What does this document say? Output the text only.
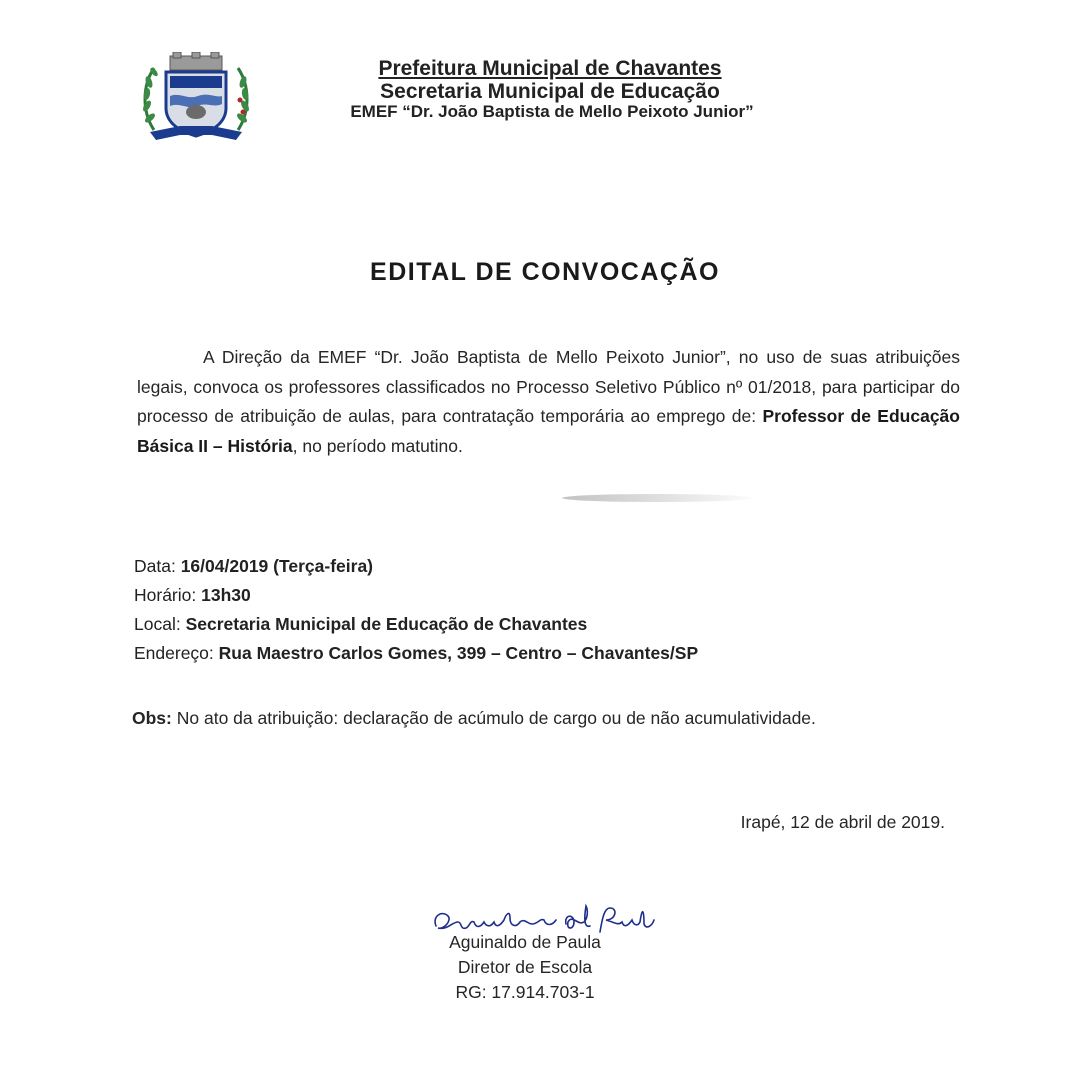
Prefeitura Municipal de Chavantes
Secretaria Municipal de Educação
EMEF “Dr. João Baptista de Mello Peixoto Junior”
EDITAL DE CONVOCAÇÃO
A Direção da EMEF “Dr. João Baptista de Mello Peixoto Junior”, no uso de suas atribuições legais, convoca os professores classificados no Processo Seletivo Público nº 01/2018, para participar do processo de atribuição de aulas, para contratação temporária ao emprego de: Professor de Educação Básica II – História, no período matutino.
Data: 16/04/2019 (Terça-feira)
Horário: 13h30
Local: Secretaria Municipal de Educação de Chavantes
Endereço: Rua Maestro Carlos Gomes, 399 – Centro – Chavantes/SP
Obs: No ato da atribuição: declaração de acúmulo de cargo ou de não acumulatividade.
Irapé, 12 de abril de 2019.
Aguinaldo de Paula
Diretor de Escola
RG: 17.914.703-1
